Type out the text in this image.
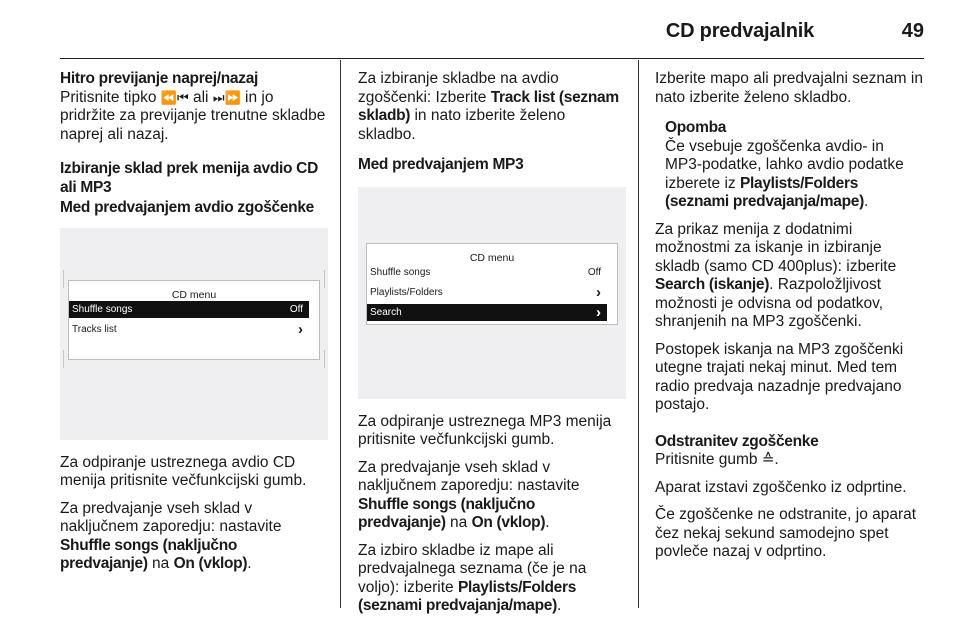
CD predvajalnik	49

Hitro previjanje naprej/nazaj

Pritisnite tipko ⏪⏮ ali ⏭⏩ in jo pridržite za previjanje trenutne skladbe naprej ali nazaj.

Izbiranje sklad prek menija avdio CD ali MP3

Med predvajanjem avdio zgoščenke

CD menu
Shuffle songs	Off
Tracks list	›

Za odpiranje ustreznega avdio CD menija pritisnite večfunkcijski gumb.

Za predvajanje vseh sklad v naključnem zaporedju: nastavite Shuffle songs (naključno predvajanje) na On (vklop).

Za izbiranje skladbe na avdio zgoščenki: Izberite Track list (seznam skladb) in nato izberite želeno skladbo.

Med predvajanjem MP3

CD menu
Shuffle songs	Off
Playlists/Folders	›
Search	›

Za odpiranje ustreznega MP3 menija pritisnite večfunkcijski gumb.

Za predvajanje vseh sklad v naključnem zaporedju: nastavite Shuffle songs (naključno predvajanje) na On (vklop).

Za izbiro skladbe iz mape ali predvajalnega seznama (če je na voljo): izberite Playlists/Folders (seznami predvajanja/mape).

Izberite mapo ali predvajalni seznam in nato izberite želeno skladbo.

Opomba

Če vsebuje zgoščenka avdio- in MP3-podatke, lahko avdio podatke izberete iz Playlists/Folders (seznami predvajanja/mape).

Za prikaz menija z dodatnimi možnostmi za iskanje in izbiranje skladb (samo CD 400plus): izberite Search (iskanje). Razpoložljivost možnosti je odvisna od podatkov, shranjenih na MP3 zgoščenki.

Postopek iskanja na MP3 zgoščenki utegne trajati nekaj minut. Med tem radio predvaja nazadnje predvajano postajo.

Odstranitev zgoščenke

Pritisnite gumb ≙.

Aparat izstavi zgoščenko iz odprtine.

Če zgoščenke ne odstranite, jo aparat čez nekaj sekund samodejno spet povleče nazaj v odprtino.
